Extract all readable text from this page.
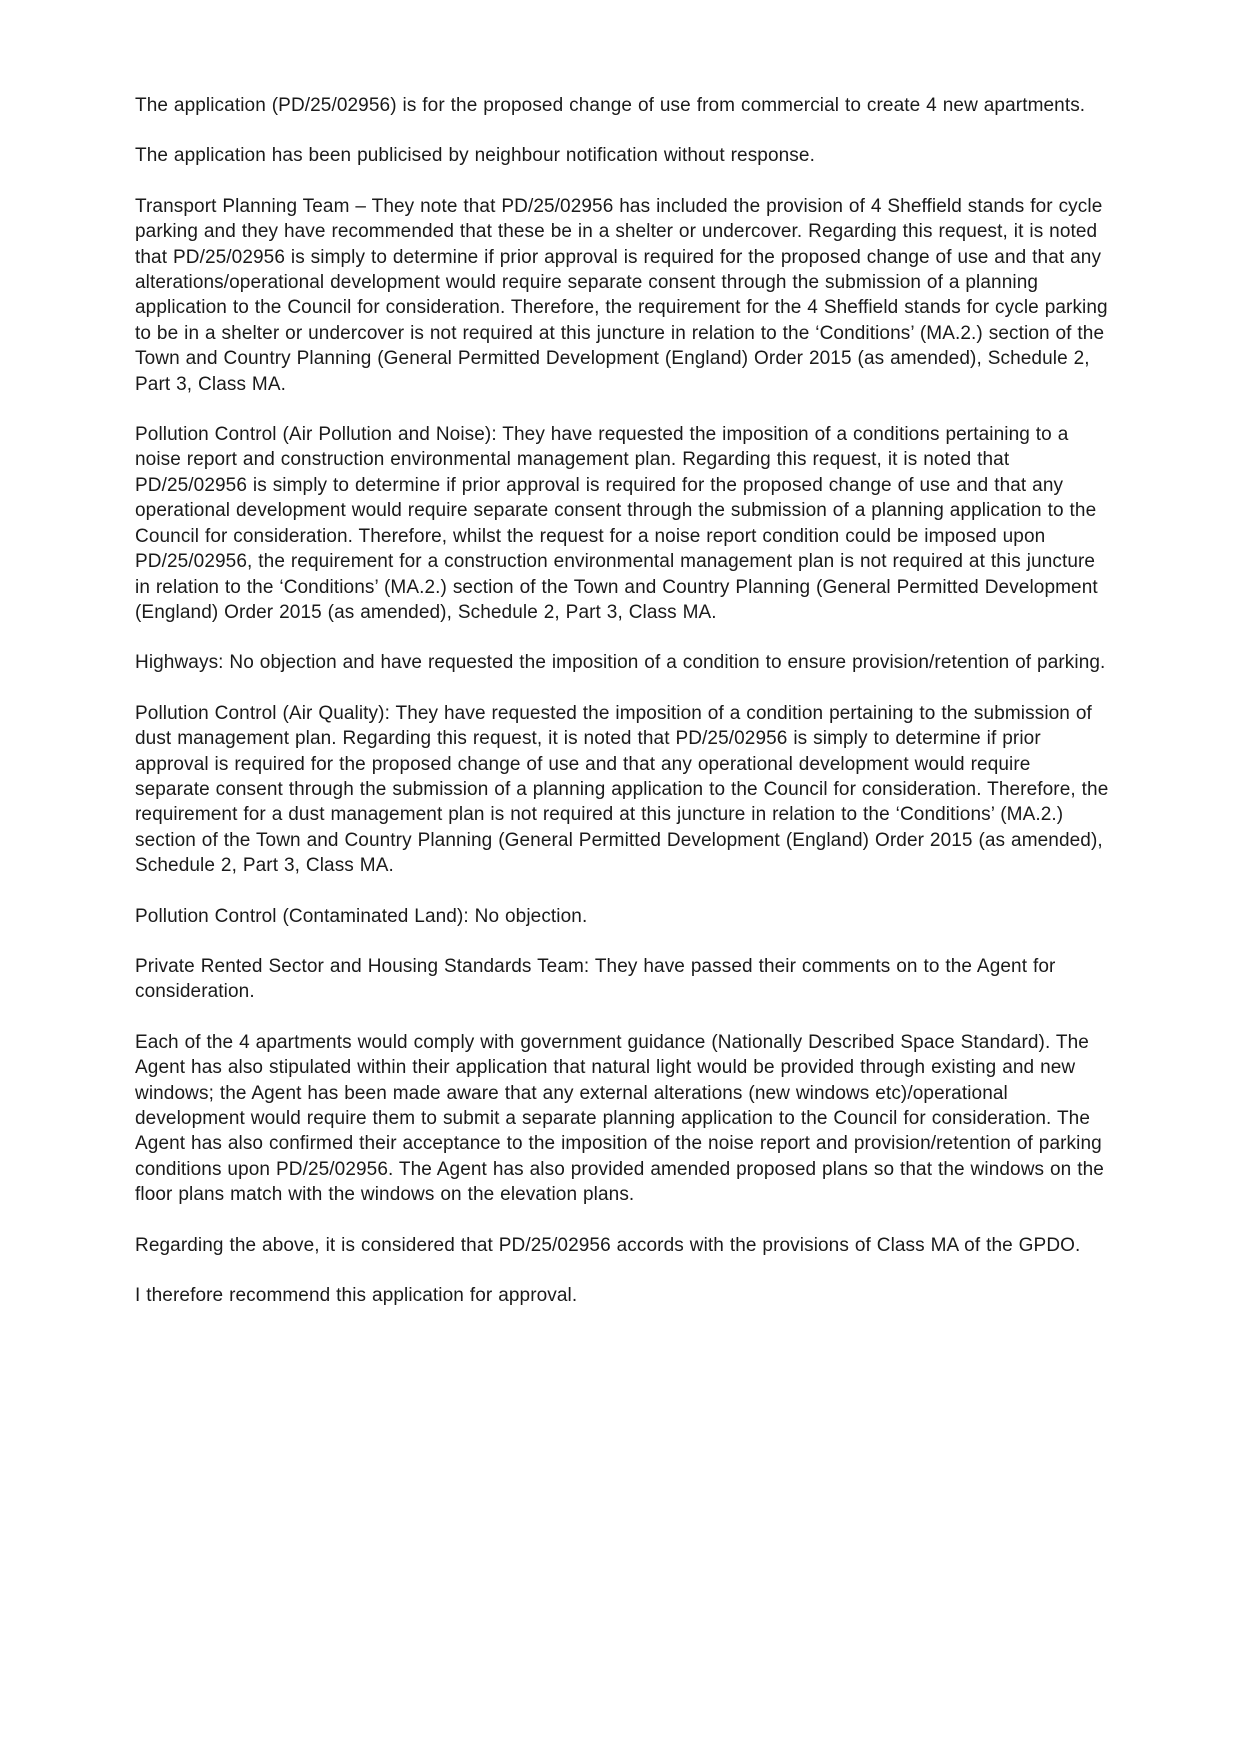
The application (PD/25/02956) is for the proposed change of use from commercial to create 4 new apartments.

The application has been publicised by neighbour notification without response.

Transport Planning Team – They note that PD/25/02956 has included the provision of 4 Sheffield stands for cycle parking and they have recommended that these be in a shelter or undercover. Regarding this request, it is noted that PD/25/02956 is simply to determine if prior approval is required for the proposed change of use and that any alterations/operational development would require separate consent through the submission of a planning application to the Council for consideration. Therefore, the requirement for the 4 Sheffield stands for cycle parking to be in a shelter or undercover is not required at this juncture in relation to the ‘Conditions’ (MA.2.) section of the Town and Country Planning (General Permitted Development (England) Order 2015 (as amended), Schedule 2, Part 3, Class MA.

Pollution Control (Air Pollution and Noise): They have requested the imposition of a conditions pertaining to a noise report and construction environmental management plan. Regarding this request, it is noted that PD/25/02956 is simply to determine if prior approval is required for the proposed change of use and that any operational development would require separate consent through the submission of a planning application to the Council for consideration. Therefore, whilst the request for a noise report condition could be imposed upon PD/25/02956, the requirement for a construction environmental management plan is not required at this juncture in relation to the ‘Conditions’ (MA.2.) section of the Town and Country Planning (General Permitted Development (England) Order 2015 (as amended), Schedule 2, Part 3, Class MA.

Highways: No objection and have requested the imposition of a condition to ensure provision/retention of parking.

Pollution Control (Air Quality): They have requested the imposition of a condition pertaining to the submission of dust management plan. Regarding this request, it is noted that PD/25/02956 is simply to determine if prior approval is required for the proposed change of use and that any operational development would require separate consent through the submission of a planning application to the Council for consideration. Therefore, the requirement for a dust management plan is not required at this juncture in relation to the ‘Conditions’ (MA.2.) section of the Town and Country Planning (General Permitted Development (England) Order 2015 (as amended), Schedule 2, Part 3, Class MA.

Pollution Control (Contaminated Land): No objection.

Private Rented Sector and Housing Standards Team: They have passed their comments on to the Agent for consideration.

Each of the 4 apartments would comply with government guidance (Nationally Described Space Standard). The Agent has also stipulated within their application that natural light would be provided through existing and new windows; the Agent has been made aware that any external alterations (new windows etc)/operational development would require them to submit a separate planning application to the Council for consideration. The Agent has also confirmed their acceptance to the imposition of the noise report and provision/retention of parking conditions upon PD/25/02956. The Agent has also provided amended proposed plans so that the windows on the floor plans match with the windows on the elevation plans.

Regarding the above, it is considered that PD/25/02956 accords with the provisions of Class MA of the GPDO.

I therefore recommend this application for approval.
